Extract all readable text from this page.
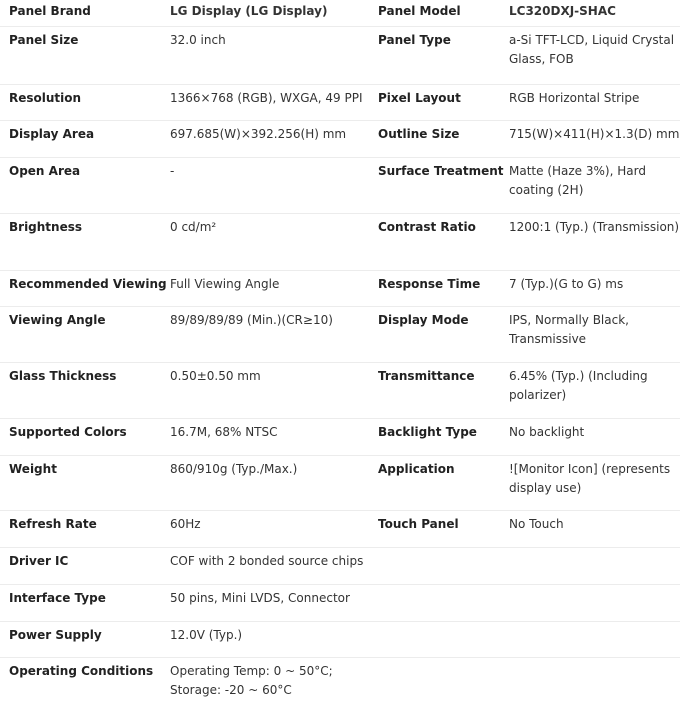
Panel Brand	LG Display (LG Display)	Panel Model	LC320DXJ-SHAC
Panel Size	32.0 inch	Panel Type	a-Si TFT-LCD, Liquid Crystal Glass, FOB
Resolution	1366×768 (RGB), WXGA, 49 PPI	Pixel Layout	RGB Horizontal Stripe
Display Area	697.685(W)×392.256(H) mm	Outline Size	715(W)×411(H)×1.3(D) mm
Open Area	-	Surface Treatment	Matte (Haze 3%), Hard coating (2H)
Brightness	0 cd/m²	Contrast Ratio	1200:1 (Typ.) (Transmission)
Recommended Viewing	Full Viewing Angle	Response Time	7 (Typ.)(G to G) ms
Viewing Angle	89/89/89/89 (Min.)(CR≥10)	Display Mode	IPS, Normally Black, Transmissive
Glass Thickness	0.50±0.50 mm	Transmittance	6.45% (Typ.) (Including polarizer)
Supported Colors	16.7M, 68% NTSC	Backlight Type	No backlight
Weight	860/910g (Typ./Max.)	Application	![Monitor Icon] (represents display use)
Refresh Rate	60Hz	Touch Panel	No Touch
Driver IC	COF with 2 bonded source chips		
Interface Type	50 pins, Mini LVDS, Connector		
Power Supply	12.0V (Typ.)		
Operating Conditions	Operating Temp: 0 ~ 50°C; Storage: -20 ~ 60°C		
